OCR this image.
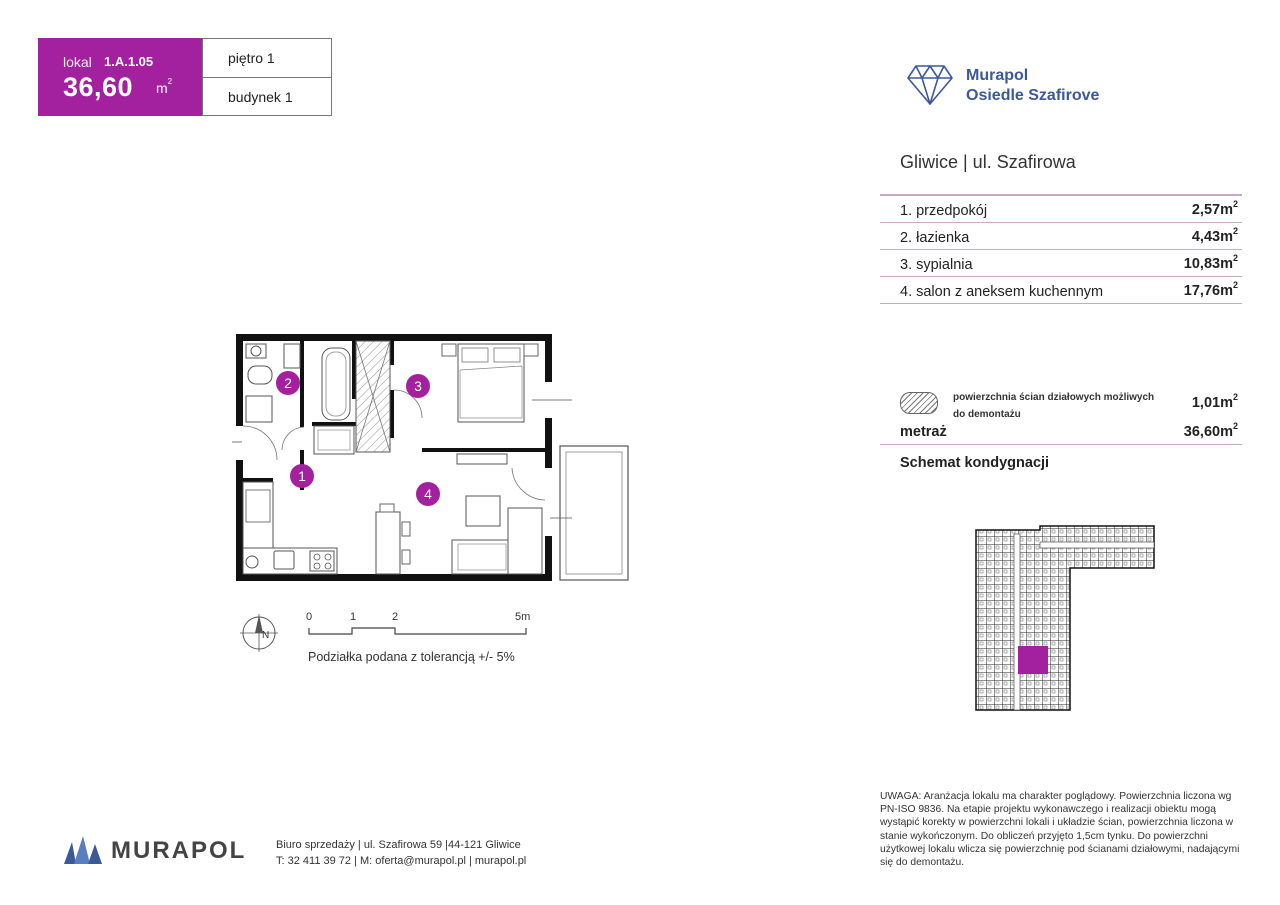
lokal 1.A.1.05
36,60 $m^2$
piętro 1
budynek 1
Murapol
Osiedle Szafirove
Gliwice | ul. Szafirowa
1. przedpokój	$2,57m^2$
2. łazienka	$4,43m^2$
3. sypialnia	$10,83m^2$
4. salon z aneksem kuchennym	$17,76m^2$
powierzchnia ścian działowych możliwych do demontażu
$1,01m^2$
metraż	$36,60m^2$
Schemat kondygnacji
2	3
1
4
N
0	1	2	5m
Podziałka podana z tolerancją +/- 5%
UWAGA: Aranżacja lokalu ma charakter poglądowy. Powierzchnia liczona wg PN-ISO 9836. Na etapie projektu wykonawczego i realizacji obiektu mogą wystąpić korekty w powierzchni lokali i układzie ścian, powierzchnia liczona w stanie wykończonym. Do obliczeń przyjęto 1,5cm tynku. Do powierzchni użytkowej lokalu wlicza się powierzchnię pod ścianami działowymi, nadającymi się do demontażu.
MURAPOL	Biuro sprzedaży | ul. Szafirowa 59 |44-121 Gliwice
T: 32 411 39 72 | M: oferta@murapol.pl | murapol.pl
